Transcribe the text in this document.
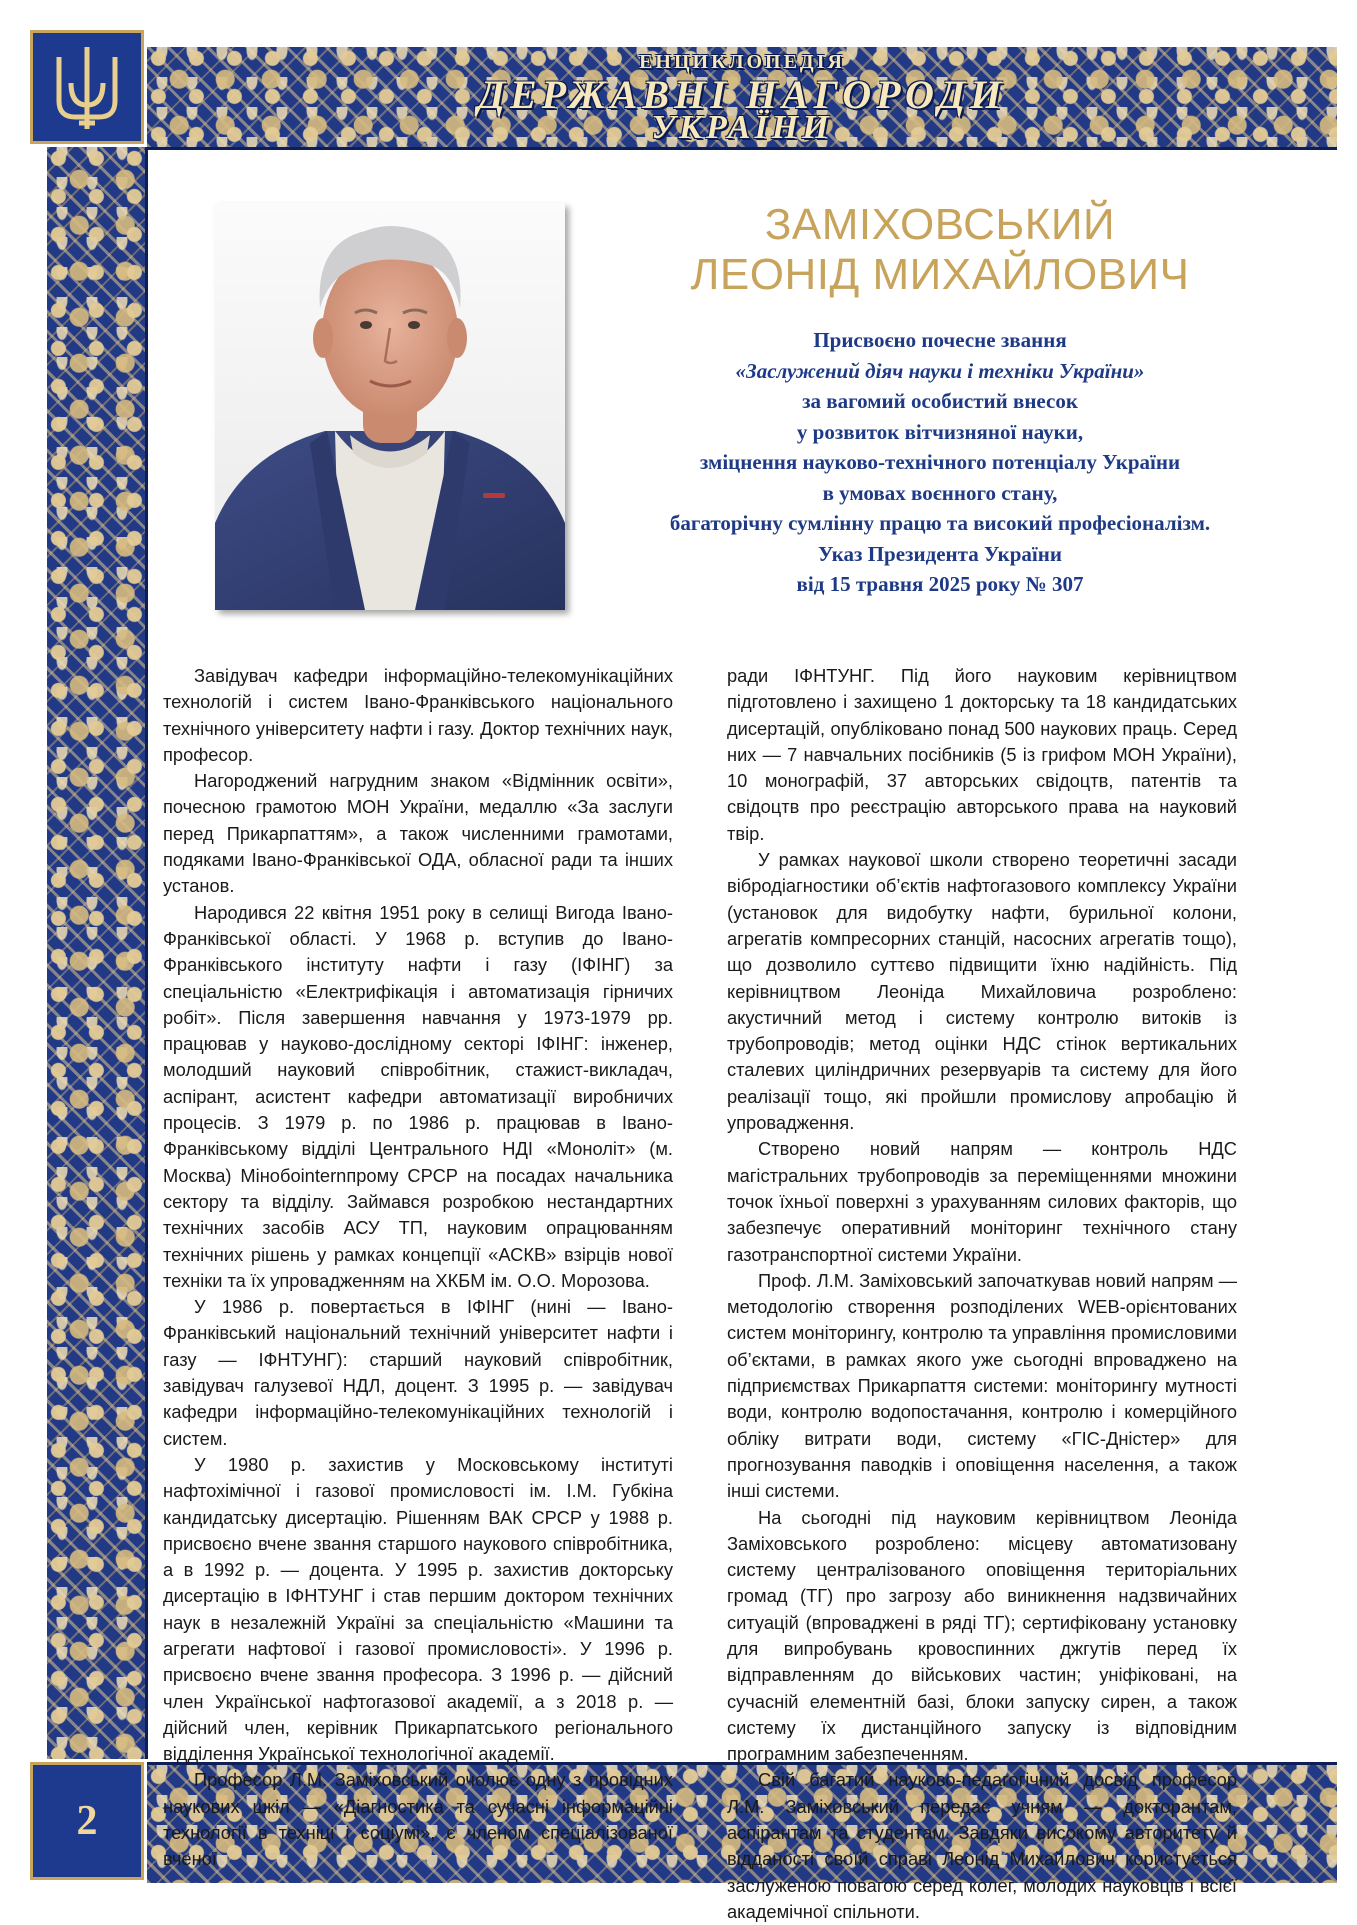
ЕНЦИКЛОПЕДІЯ
ДЕРЖАВНІ НАГОРОДИ
УКРАЇНИ
2
ЗАМІХОВСЬКИЙ
ЛЕОНІД МИХАЙЛОВИЧ
Присвоєно почесне звання
«Заслужений діяч науки і техніки України»
за вагомий особистий внесок
у розвиток вітчизняної науки,
зміцнення науково-технічного потенціалу України
в умовах воєнного стану,
багаторічну сумлінну працю та високий професіоналізм.
Указ Президента України
від 15 травня 2025 року № 307

Завідувач кафедри інформаційно-телекомунікаційних технологій і систем Івано-Франківського національного технічного університету нафти і газу. Доктор технічних наук, професор.

Нагороджений нагрудним знаком «Відмінник освіти», почесною грамотою МОН України, медаллю «За заслуги перед Прикарпаттям», а також численними грамотами, подяками Івано-Франківської ОДА, обласної ради та інших установ.

Народився 22 квітня 1951 року в селищі Вигода Івано-Франківської області. У 1968 р. вступив до Івано-Франківського інституту нафти і газу (ІФІНГ) за спеціальністю «Електрифікація і автоматизація гірничих робіт». Після завершення навчання у 1973-1979 рр. працював у науково-дослідному секторі ІФІНГ: інженер, молодший науковий співробітник, стажист-викладач, аспірант, асистент кафедри автоматизації виробничих процесів. З 1979 р. по 1986 р. працював в Івано-Франківському відділі Центрального НДІ «Моноліт» (м. Москва) Мінобоinternпрому СРСР на посадах начальника сектору та відділу. Займався розробкою нестандартних технічних засобів АСУ ТП, науковим опрацюванням технічних рішень у рамках концепції «АСКВ» взірців нової техніки та їх упровадженням на ХКБМ ім. О.О. Морозова.

У 1986 р. повертається в ІФІНГ (нині — Івано-Франківський національний технічний університет нафти і газу — ІФНТУНГ): старший науковий співробітник, завідувач галузевої НДЛ, доцент. З 1995 р. — завідувач кафедри інформаційно-телекомунікаційних технологій і систем.

У 1980 р. захистив у Московському інституті нафтохімічної і газової промисловості ім. І.М. Губкіна кандидатську дисертацію. Рішенням ВАК СРСР у 1988 р. присвоєно вчене звання старшого наукового співробітника, а в 1992 р. — доцента. У 1995 р. захистив докторську дисертацію в ІФНТУНГ і став першим доктором технічних наук в незалежній Україні за спеціальністю «Машини та агрегати нафтової і газової промисловості». У 1996 р. присвоєно вчене звання професора. З 1996 р. — дійсний член Української нафтогазової академії, а з 2018 р. — дійсний член, керівник Прикарпатського регіонального відділення Української технологічної академії.

Професор Л.М. Заміховський очолює одну з провідних наукових шкіл — «Діагностика та сучасні інформаційні технології в техніці і соціумі», є членом спеціалізованої вченої

ради ІФНТУНГ. Під його науковим керівництвом підготовлено і захищено 1 докторську та 18 кандидатських дисертацій, опубліковано понад 500 наукових праць. Серед них — 7 навчальних посібників (5 із грифом МОН України), 10 монографій, 37 авторських свідоцтв, патентів та свідоцтв про реєстрацію авторського права на науковий твір.

У рамках наукової школи створено теоретичні засади вібродіагностики об’єктів нафтогазового комплексу України (установок для видобутку нафти, бурильної колони, агрегатів компресорних станцій, насосних агрегатів тощо), що дозволило суттєво підвищити їхню надійність. Під керівництвом Леоніда Михайловича розроблено: акустичний метод і систему контролю витоків із трубопроводів; метод оцінки НДС стінок вертикальних сталевих циліндричних резервуарів та систему для його реалізації тощо, які пройшли промислову апробацію й упровадження.

Створено новий напрям — контроль НДС магістральних трубопроводів за переміщеннями множини точок їхньої поверхні з урахуванням силових факторів, що забезпечує оперативний моніторинг технічного стану газотранспортної системи України.

Проф. Л.М. Заміховський започаткував новий напрям — методологію створення розподілених WEB-орієнтованих систем моніторингу, контролю та управління промисловими об’єктами, в рамках якого уже сьогодні впроваджено на підприємствах Прикарпаття системи: моніторингу мутності води, контролю водопостачання, контролю і комерційного обліку витрати води, систему «ГІС-Дністер» для прогнозування паводків і оповіщення населення, а також інші системи.

На сьогодні під науковим керівництвом Леоніда Заміховського розроблено: місцеву автоматизовану систему централізованого оповіщення територіальних громад (ТГ) про загрозу або виникнення надзвичайних ситуацій (впроваджені в ряді ТГ); сертифіковану установку для випробувань кровоспинних джгутів перед їх відправленням до військових частин; уніфіковані, на сучасній елементній базі, блоки запуску сирен, а також систему їх дистанційного запуску із відповідним програмним забезпеченням.

Свій багатий науково-педагогічний досвід професор Л.М. Заміховський передає учням — докторантам, аспірантам та студентам. Завдяки високому авторитету й відданості своїй справі Леонід Михайлович користується заслуженою повагою серед колег, молодих науковців і всієї академічної спільноти.
